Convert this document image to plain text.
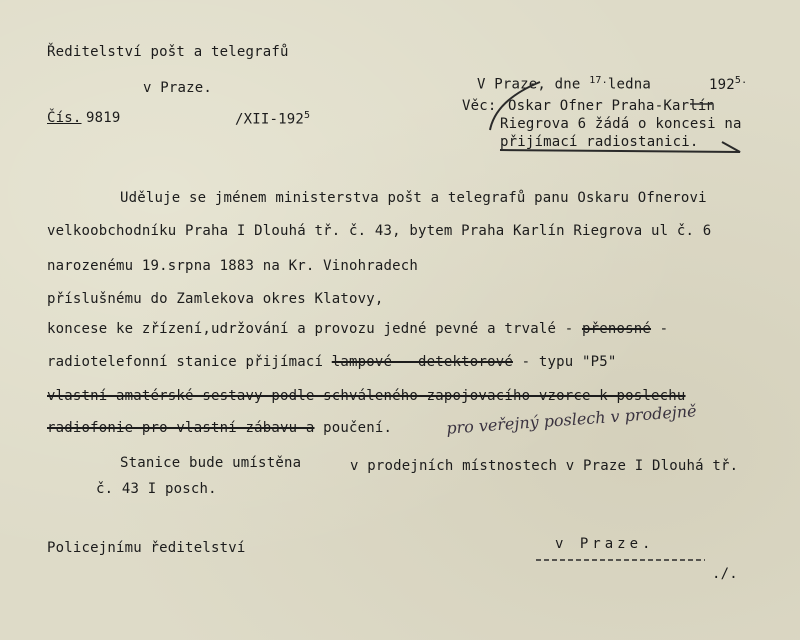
Ředitelství pošt a telegrafů
v Praze.
Čís. 9819	$/XII-192^5$
V Praze, dne $^{17.}$ledna	$192^{5.}$
Věc: Oskar Ofner Praha-Karlín
Riegrova 6 žádá o koncesi na
přijímací radiostanici.
Uděluje se jménem ministerstva pošt a telegrafů panu Oskaru Ofnerovi
velkoobchodníku Praha I Dlouhá tř. č. 43, bytem Praha Karlín Riegrova ul č. 6
narozenému 19.srpna 1883 na Kr. Vinohradech
příslušnému do Zamlekova okres Klatovy,
koncese ke zřízení,udržování a provozu jedné pevné a trvalé - přenosné -
radiotelefonní stanice přijímací lampové - detektorové - typu "P5"
vlastní amatérské sestavy podle schváleného zapojovacího vzorce k poslechu
radiofonie pro vlastní zábavu a poučení.	pro veřejný poslech v prodejně
Stanice bude umístěna	v prodejních místnostech v Praze I Dlouhá tř.
č. 43 I posch.
Policejnímu ředitelství	v Praze.
./.
